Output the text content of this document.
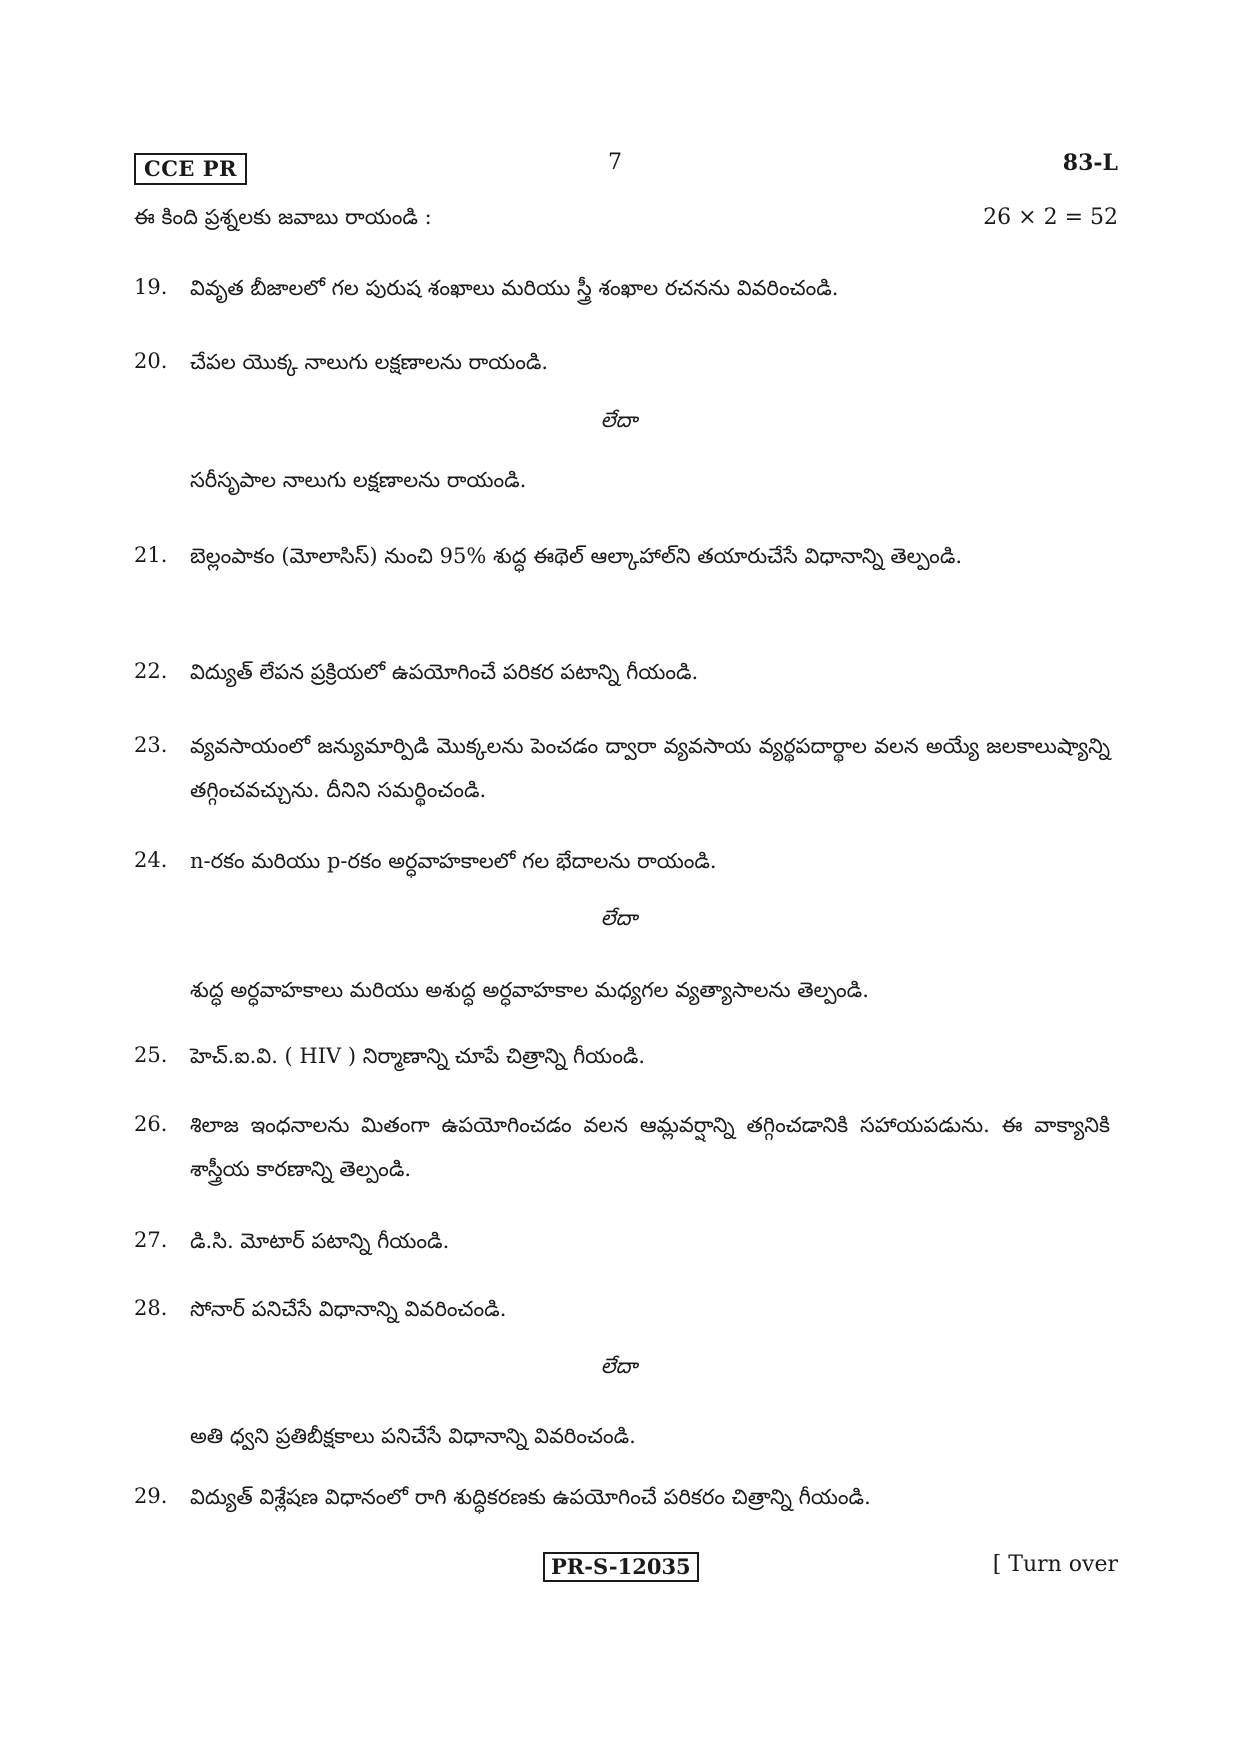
CCE PR	7	83-L
ఈ కింది ప్రశ్నలకు జవాబు రాయండి :	26 × 2 = 52
19.	వివృత బీజాలలో గల పురుష శంఖాలు మరియు స్త్రీ శంఖాల రచనను వివరించండి.
20.	చేపల యొక్క నాలుగు లక్షణాలను రాయండి.
లేదా
సరీసృపాల నాలుగు లక్షణాలను రాయండి.
21.	బెల్లంపాకం (మోలాసిస్) నుంచి 95% శుద్ధ ఈథెల్ ఆల్కాహాల్‌ని తయారుచేసే విధానాన్ని తెల్పండి.
22.	విద్యుత్ లేపన ప్రక్రియలో ఉపయోగించే పరికర పటాన్ని గీయండి.
23.	వ్యవసాయంలో జన్యుమార్పిడి మొక్కలను పెంచడం ద్వారా వ్యవసాయ వ్యర్థపదార్థాల వలన అయ్యే జలకాలుష్యాన్ని తగ్గించవచ్చును. దీనిని సమర్థించండి.
24.	n-రకం మరియు p-రకం అర్ధవాహకాలలో గల భేదాలను రాయండి.
లేదా
శుద్ధ అర్ధవాహకాలు మరియు అశుద్ధ అర్ధవాహకాల మధ్యగల వ్యత్యాసాలను తెల్పండి.
25.	హెచ్.ఐ.వి. ( HIV ) నిర్మాణాన్ని చూపే చిత్రాన్ని గీయండి.
26.	శిలాజ ఇంధనాలను మితంగా ఉపయోగించడం వలన ఆమ్లవర్షాన్ని తగ్గించడానికి సహాయపడును. ఈ వాక్యానికి శాస్త్రీయ కారణాన్ని తెల్పండి.
27.	డి.సి. మోటార్ పటాన్ని గీయండి.
28.	సోనార్ పనిచేసే విధానాన్ని వివరించండి.
లేదా
అతి ధ్వని ప్రతిబీక్షకాలు పనిచేసే విధానాన్ని వివరించండి.
29.	విద్యుత్ విశ్లేషణ విధానంలో రాగి శుద్ధికరణకు ఉపయోగించే పరికరం చిత్రాన్ని గీయండి.
PR-S-12035	[ Turn over
